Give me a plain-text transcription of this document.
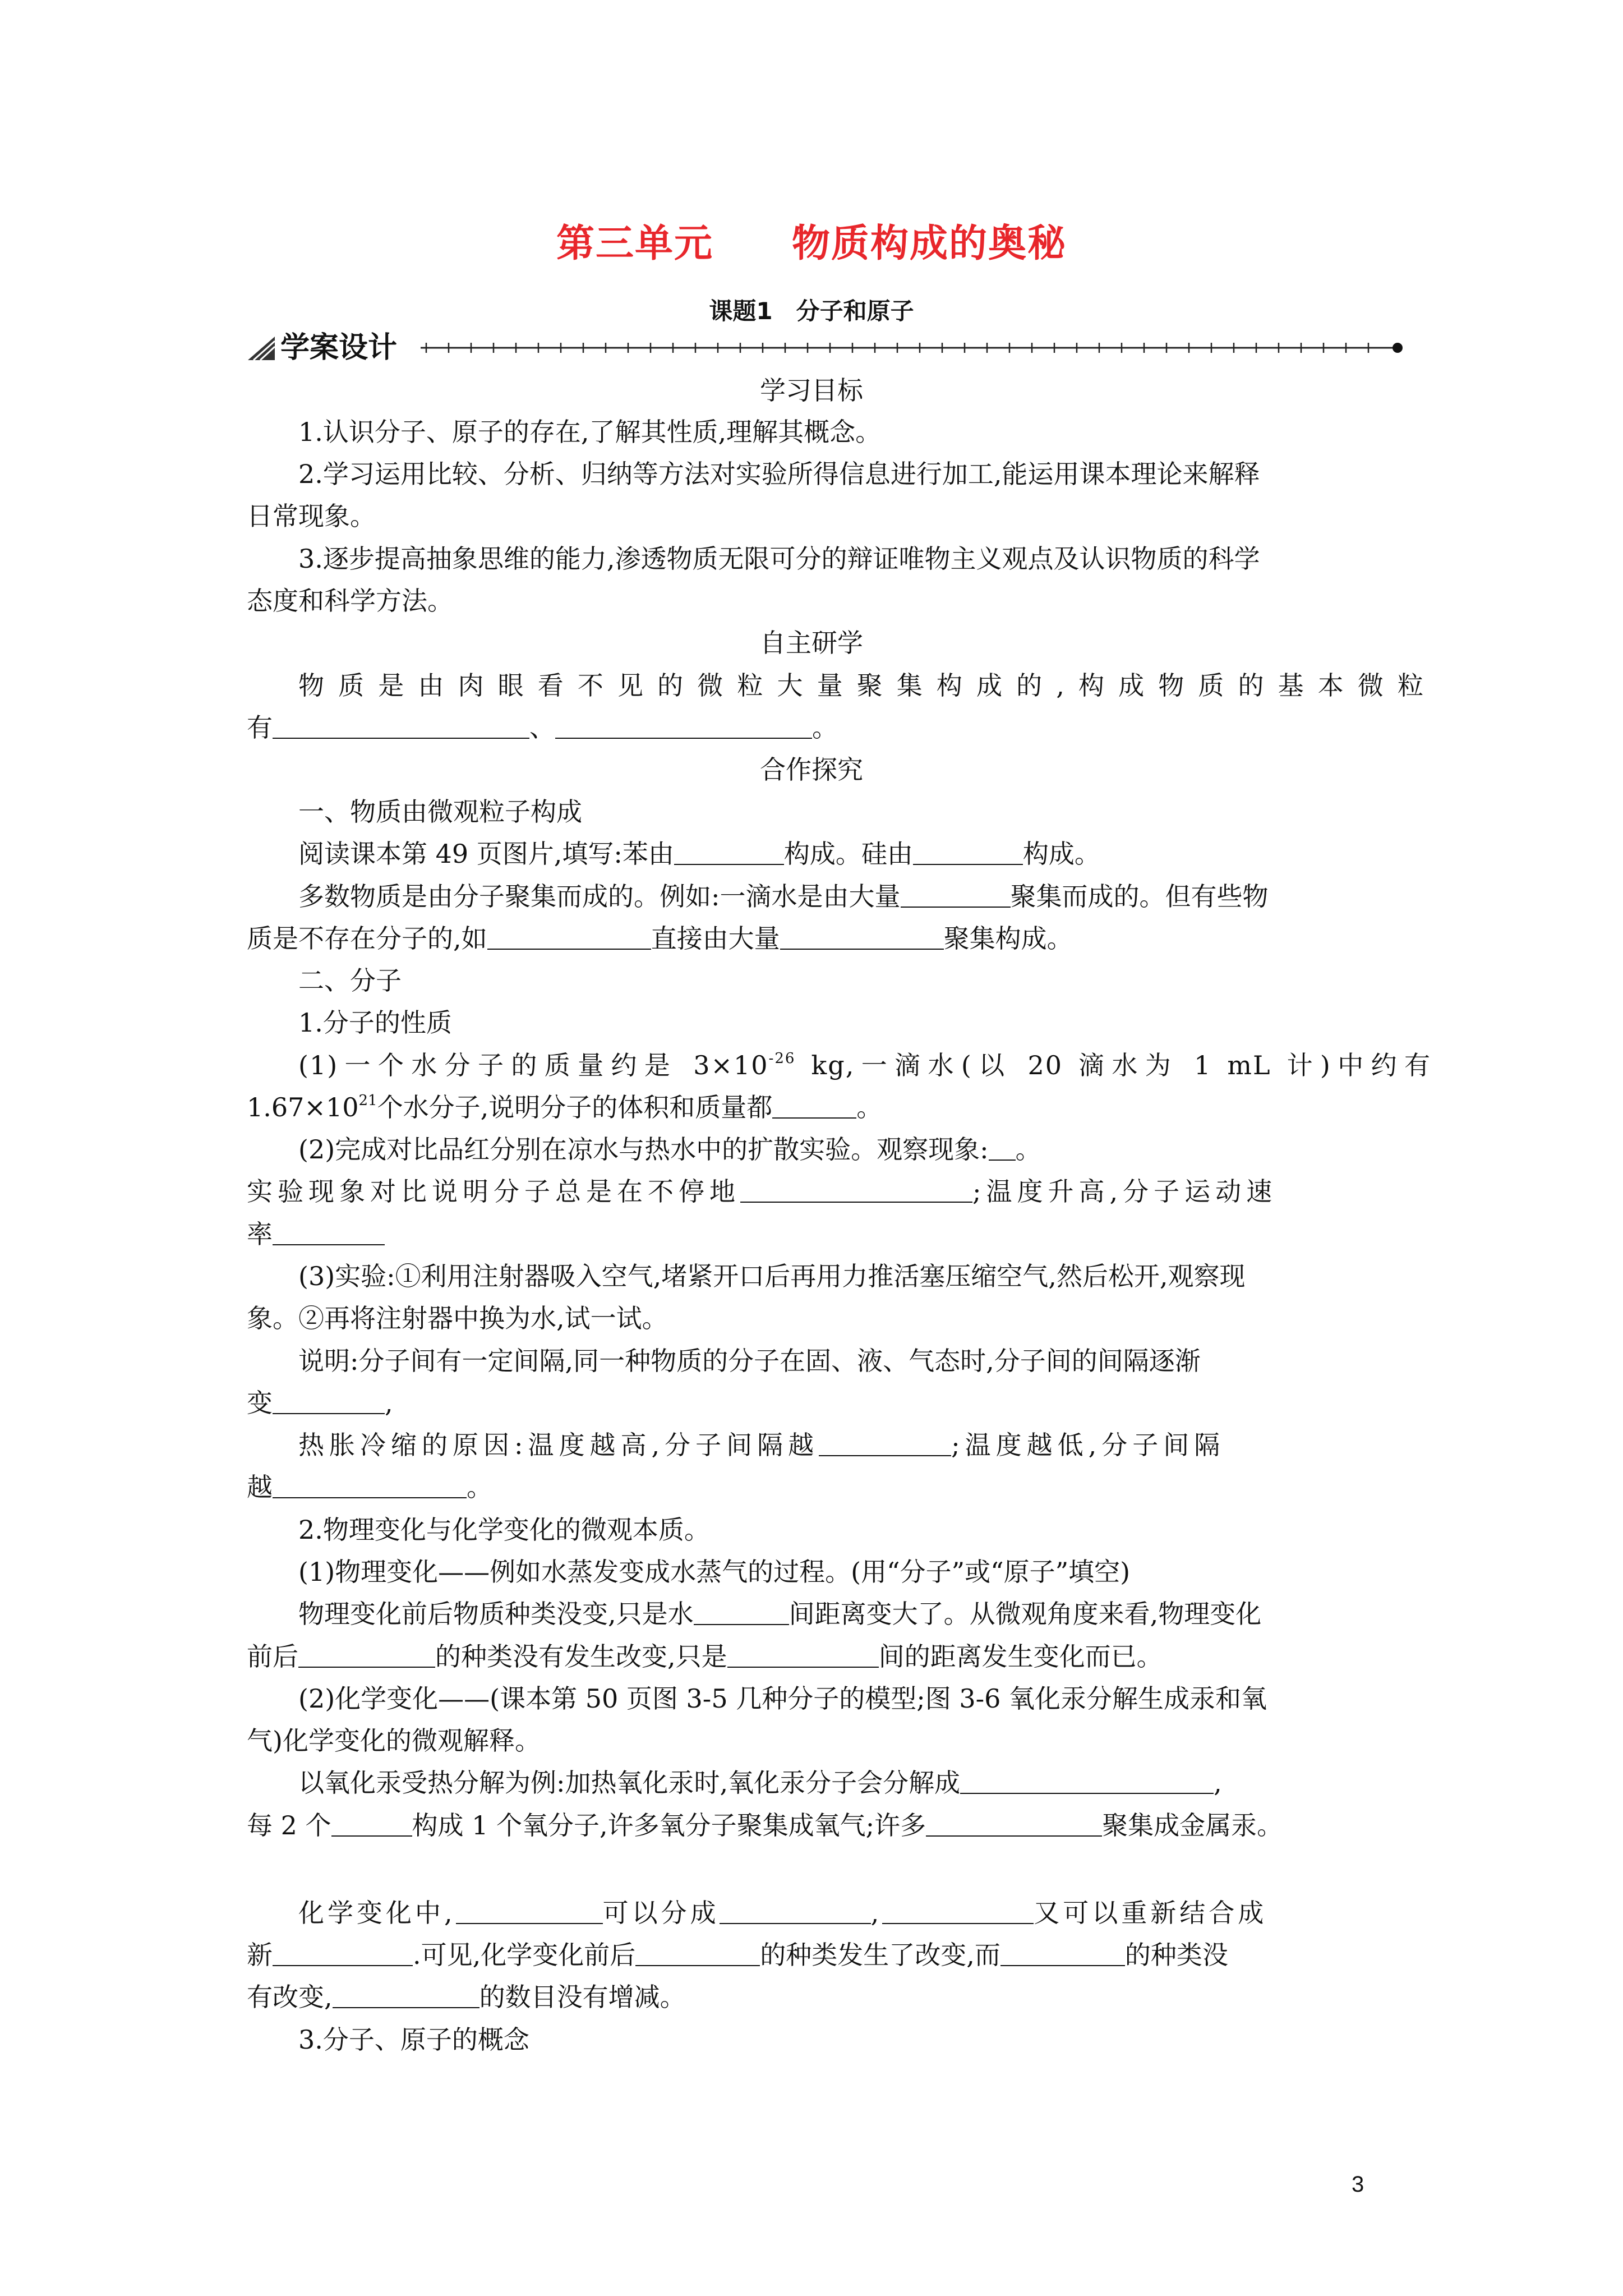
第三单元　　物质构成的奥秘
课题1　分子和原子
学案设计
学习目标
1.认识分子、原子的存在,了解其性质,理解其概念。
2.学习运用比较、分析、归纳等方法对实验所得信息进行加工,能运用课本理论来解释
日常现象。
3.逐步提高抽象思维的能力,渗透物质无限可分的辩证唯物主义观点及认识物质的科学
态度和科学方法。
自主研学
物质是由肉眼看不见的微粒大量聚集构成的,构成物质的基本微粒
有	、	。
合作探究
一、物质由微观粒子构成
阅读课本第 49 页图片,填写:苯由	构成。硅由	构成。
多数物质是由分子聚集而成的。例如:一滴水是由大量	聚集而成的。但有些物
质是不存在分子的,如	直接由大量	聚集构成。
二、分子
1.分子的性质
(1)一个水分子的质量约是 $3\times 10^{-26}$ kg,一滴水(以 20 滴水为 1 mL 计)中约有
$1.67\times 10^{21}$个水分子,说明分子的体积和质量都	。
(2)完成对比品红分别在凉水与热水中的扩散实验。观察现象: 。
实验现象对比说明分子总是在不停地	;温度升高,分子运动速
率
(3)实验:①利用注射器吸入空气,堵紧开口后再用力推活塞压缩空气,然后松开,观察现
象。②再将注射器中换为水,试一试。
说明:分子间有一定间隔,同一种物质的分子在固、液、气态时,分子间的间隔逐渐
变	,
热胀冷缩的原因:温度越高,分子间隔越	;温度越低,分子间隔
越	。
2.物理变化与化学变化的微观本质。
(1)物理变化——例如水蒸发变成水蒸气的过程。(用“分子”或“原子”填空)
物理变化前后物质种类没变,只是水	间距离变大了。从微观角度来看,物理变化
前后	的种类没有发生改变,只是	间的距离发生变化而已。
(2)化学变化——(课本第 50 页图 3-5 几种分子的模型;图 3-6 氧化汞分解生成汞和氧
气)化学变化的微观解释。
以氧化汞受热分解为例:加热氧化汞时,氧化汞分子会分解成	,
每 2 个	构成 1 个氧分子,许多氧分子聚集成氧气;许多	聚集成金属汞。
化学变化中,	可以分成	,	又可以重新结合成
新	.可见,化学变化前后	的种类发生了改变,而	的种类没
有改变,	的数目没有增减。
3.分子、原子的概念
3
